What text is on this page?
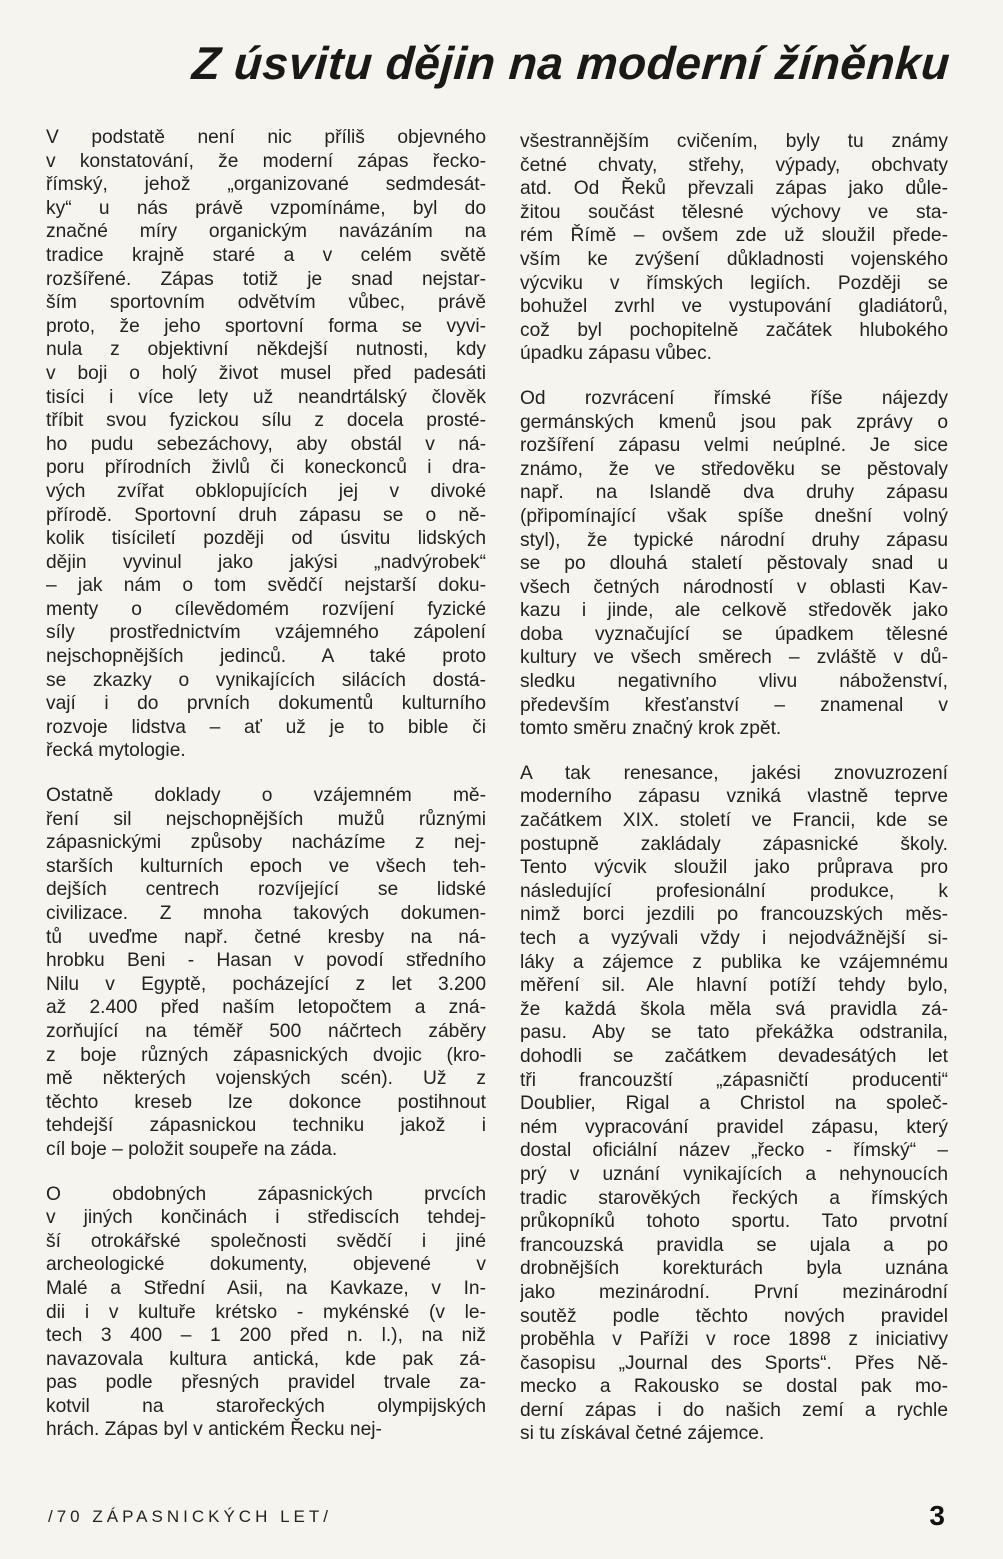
Z úsvitu dějin na moderní žíněnku
V podstatě není nic příliš objevného
v konstatování, že moderní zápas řecko-
římský, jehož „organizované sedmdesát-
ky“ u nás právě vzpomínáme, byl do
značné míry organickým navázáním na
tradice krajně staré a v celém světě
rozšířené. Zápas totiž je snad nejstar-
ším sportovním odvětvím vůbec, právě
proto, že jeho sportovní forma se vyvi-
nula z objektivní někdejší nutnosti, kdy
v boji o holý život musel před padesáti
tisíci i více lety už neandrtálský člověk
tříbit svou fyzickou sílu z docela prosté-
ho pudu sebezáchovy, aby obstál v ná-
poru přírodních živlů či koneckonců i dra-
vých zvířat obklopujících jej v divoké
přírodě. Sportovní druh zápasu se o ně-
kolik tisíciletí později od úsvitu lidských
dějin vyvinul jako jakýsi „nadvýrobek“
– jak nám o tom svědčí nejstarší doku-
menty o cílevědomém rozvíjení fyzické
síly prostřednictvím vzájemného zápolení
nejschopnějších jedinců. A také proto
se zkazky o vynikajících silácích dostá-
vají i do prvních dokumentů kulturního
rozvoje lidstva – ať už je to bible či
řecká mytologie.
Ostatně doklady o vzájemném mě-
ření sil nejschopnějších mužů různými
zápasnickými způsoby nacházíme z nej-
starších kulturních epoch ve všech teh-
dejších centrech rozvíjející se lidské
civilizace. Z mnoha takových dokumen-
tů uveďme např. četné kresby na ná-
hrobku Beni - Hasan v povodí středního
Nilu v Egyptě, pocházející z let 3.200
až 2.400 před naším letopočtem a zná-
zorňující na téměř 500 náčrtech záběry
z boje různých zápasnických dvojic (kro-
mě některých vojenských scén). Už z
těchto kreseb lze dokonce postihnout
tehdejší zápasnickou techniku jakož i
cíl boje – položit soupeře na záda.
O obdobných zápasnických prvcích
v jiných končinách i střediscích tehdej-
ší otrokářské společnosti svědčí i jiné
archeologické dokumenty, objevené v
Malé a Střední Asii, na Kavkaze, v In-
dii i v kultuře krétsko - mykénské (v le-
tech 3 400 – 1 200 před n. l.), na niž
navazovala kultura antická, kde pak zá-
pas podle přesných pravidel trvale za-
kotvil na starořeckých olympijských
hrách. Zápas byl v antickém Řecku nej-
všestrannějším cvičením, byly tu známy
četné chvaty, střehy, výpady, obchvaty
atd. Od Řeků převzali zápas jako důle-
žitou součást tělesné výchovy ve sta-
rém Římě – ovšem zde už sloužil přede-
vším ke zvýšení důkladnosti vojenského
výcviku v římských legiích. Později se
bohužel zvrhl ve vystupování gladiátorů,
což byl pochopitelně začátek hlubokého
úpadku zápasu vůbec.
Od rozvrácení římské říše nájezdy
germánských kmenů jsou pak zprávy o
rozšíření zápasu velmi neúplné. Je sice
známo, že ve středověku se pěstovaly
např. na Islandě dva druhy zápasu
(připomínající však spíše dnešní volný
styl), že typické národní druhy zápasu
se po dlouhá staletí pěstovaly snad u
všech četných národností v oblasti Kav-
kazu i jinde, ale celkově středověk jako
doba vyznačující se úpadkem tělesné
kultury ve všech směrech – zvláště v dů-
sledku negativního vlivu náboženství,
především křesťanství – znamenal v
tomto směru značný krok zpět.
A tak renesance, jakési znovuzrození
moderního zápasu vzniká vlastně teprve
začátkem XIX. století ve Francii, kde se
postupně zakládaly zápasnické školy.
Tento výcvik sloužil jako průprava pro
následující profesionální produkce, k
nimž borci jezdili po francouzských měs-
tech a vyzývali vždy i nejodvážnější si-
láky a zájemce z publika ke vzájemnému
měření sil. Ale hlavní potíží tehdy bylo,
že každá škola měla svá pravidla zá-
pasu. Aby se tato překážka odstranila,
dohodli se začátkem devadesátých let
tři francouzští „zápasničtí producenti“
Doublier, Rigal a Christol na společ-
ném vypracování pravidel zápasu, který
dostal oficiální název „řecko - římský“ –
prý v uznání vynikajících a nehynoucích
tradic starověkých řeckých a římských
průkopníků tohoto sportu. Tato prvotní
francouzská pravidla se ujala a po
drobnějších korekturách byla uznána
jako mezinárodní. První mezinárodní
soutěž podle těchto nových pravidel
proběhla v Paříži v roce 1898 z iniciativy
časopisu „Journal des Sports“. Přes Ně-
mecko a Rakousko se dostal pak mo-
derní zápas i do našich zemí a rychle
si tu získával četné zájemce.
/70 ZÁPASNICKÝCH LET/	3
